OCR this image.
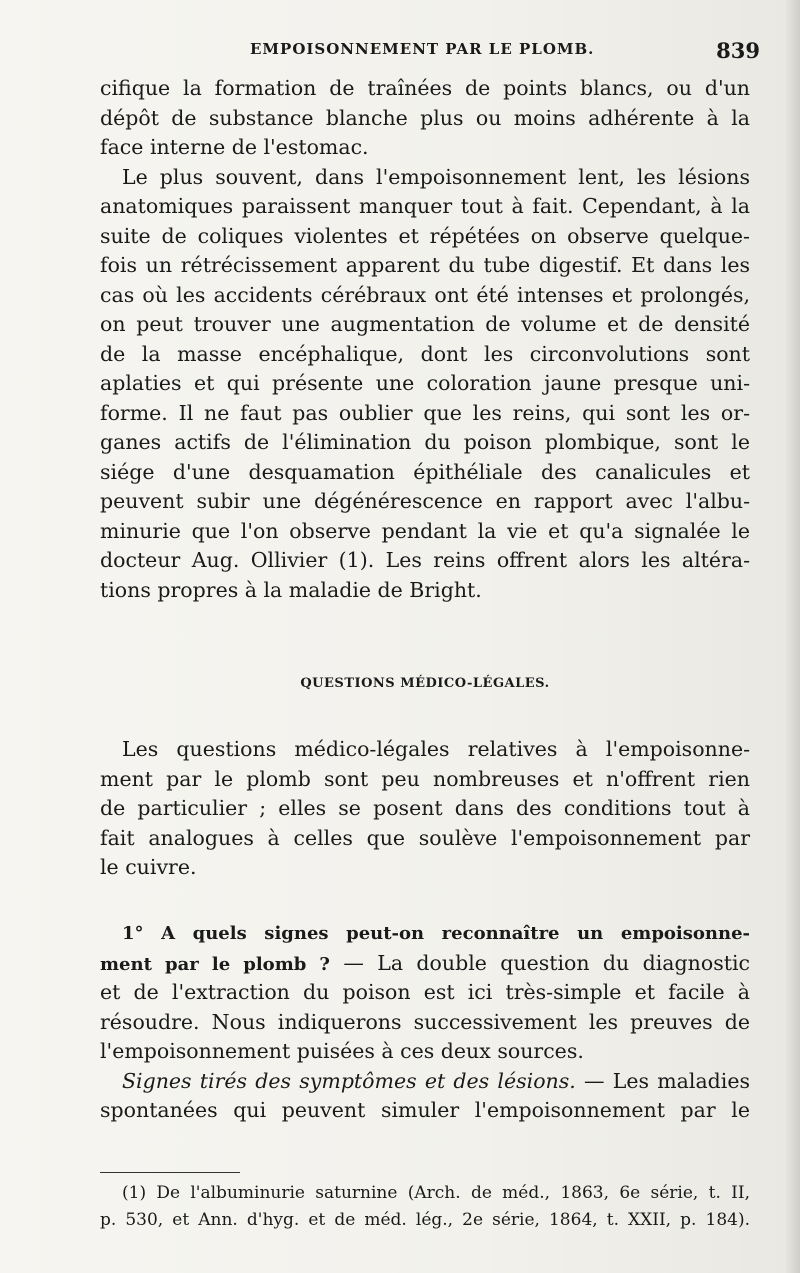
EMPOISONNEMENT PAR LE PLOMB.	839
cifique la formation de traînées de points blancs, ou d'un
dépôt de substance blanche plus ou moins adhérente à la
face interne de l'estomac.
Le plus souvent, dans l'empoisonnement lent, les lésions
anatomiques paraissent manquer tout à fait. Cependant, à la
suite de coliques violentes et répétées on observe quelque-
fois un rétrécissement apparent du tube digestif. Et dans les
cas où les accidents cérébraux ont été intenses et prolongés,
on peut trouver une augmentation de volume et de densité
de la masse encéphalique, dont les circonvolutions sont
aplaties et qui présente une coloration jaune presque uni-
forme. Il ne faut pas oublier que les reins, qui sont les or-
ganes actifs de l'élimination du poison plombique, sont le
siége d'une desquamation épithéliale des canalicules et
peuvent subir une dégénérescence en rapport avec l'albu-
minurie que l'on observe pendant la vie et qu'a signalée le
docteur Aug. Ollivier (1). Les reins offrent alors les altéra-
tions propres à la maladie de Bright.
QUESTIONS MÉDICO-LÉGALES.
Les questions médico-légales relatives à l'empoisonne-
ment par le plomb sont peu nombreuses et n'offrent rien
de particulier ; elles se posent dans des conditions tout à
fait analogues à celles que soulève l'empoisonnement par
le cuivre.
1° A quels signes peut-on reconnaître un empoisonne-
ment par le plomb ? — La double question du diagnostic
et de l'extraction du poison est ici très-simple et facile à
résoudre. Nous indiquerons successivement les preuves de
l'empoisonnement puisées à ces deux sources.
Signes tirés des symptômes et des lésions. — Les maladies
spontanées qui peuvent simuler l'empoisonnement par le
(1) De l'albuminurie saturnine (Arch. de méd., 1863, 6e série, t. II,
p. 530, et Ann. d'hyg. et de méd. lég., 2e série, 1864, t. XXII, p. 184).
